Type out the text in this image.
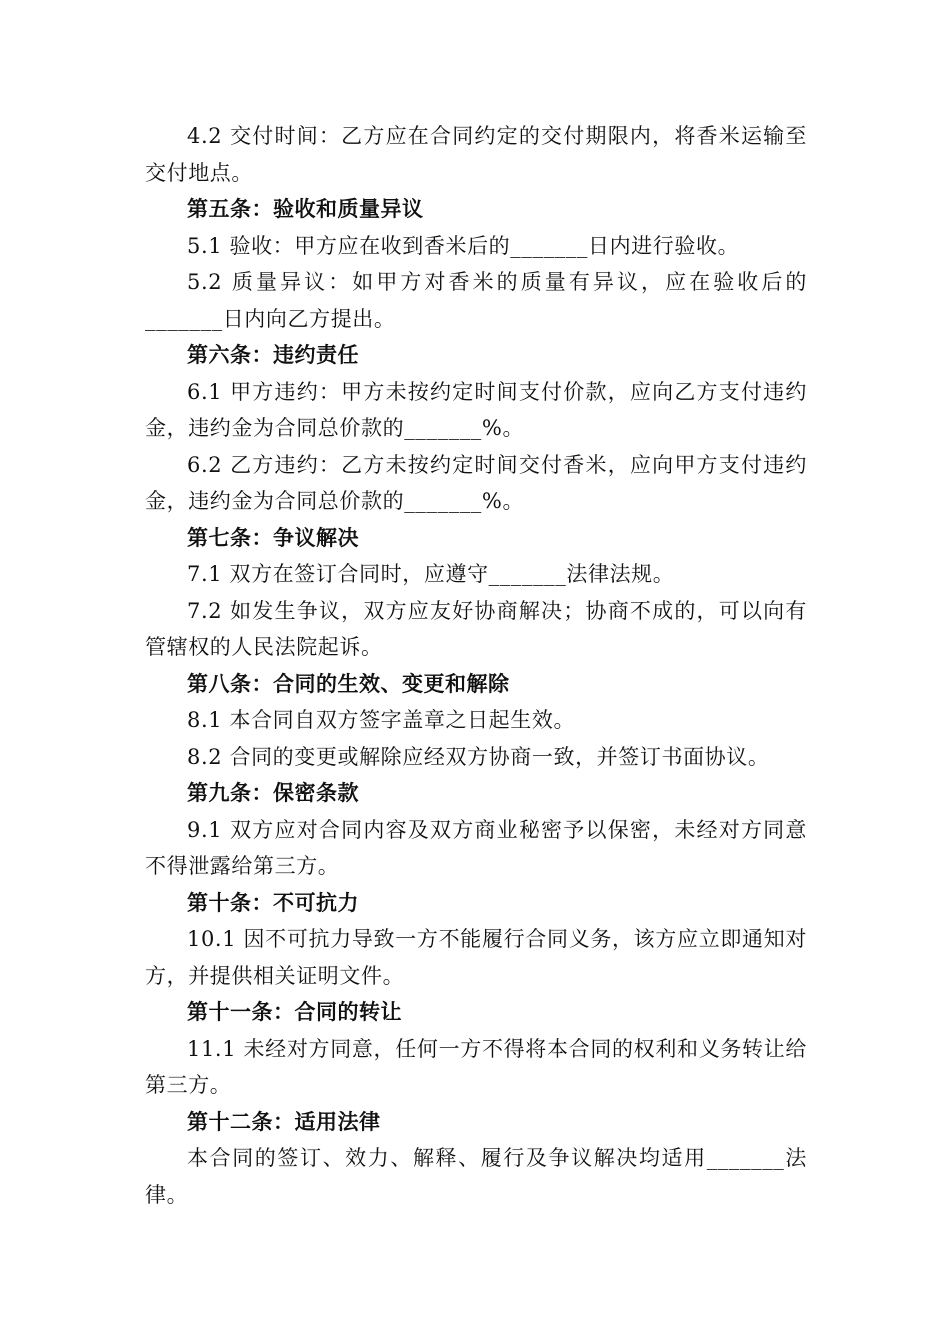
4.2 交付时间：乙方应在合同约定的交付期限内，将香米运输至交付地点。
第五条：验收和质量异议
5.1 验收：甲方应在收到香米后的_______日内进行验收。
5.2 质量异议：如甲方对香米的质量有异议，应在验收后的_______日内向乙方提出。
第六条：违约责任
6.1 甲方违约：甲方未按约定时间支付价款，应向乙方支付违约金，违约金为合同总价款的_______%。
6.2 乙方违约：乙方未按约定时间交付香米，应向甲方支付违约金，违约金为合同总价款的_______%。
第七条：争议解决
7.1 双方在签订合同时，应遵守_______法律法规。
7.2 如发生争议，双方应友好协商解决；协商不成的，可以向有管辖权的人民法院起诉。
第八条：合同的生效、变更和解除
8.1 本合同自双方签字盖章之日起生效。
8.2 合同的变更或解除应经双方协商一致，并签订书面协议。
第九条：保密条款
9.1 双方应对合同内容及双方商业秘密予以保密，未经对方同意不得泄露给第三方。
第十条：不可抗力
10.1 因不可抗力导致一方不能履行合同义务，该方应立即通知对方，并提供相关证明文件。
第十一条：合同的转让
11.1 未经对方同意，任何一方不得将本合同的权利和义务转让给第三方。
第十二条：适用法律
本合同的签订、效力、解释、履行及争议解决均适用_______法律。
